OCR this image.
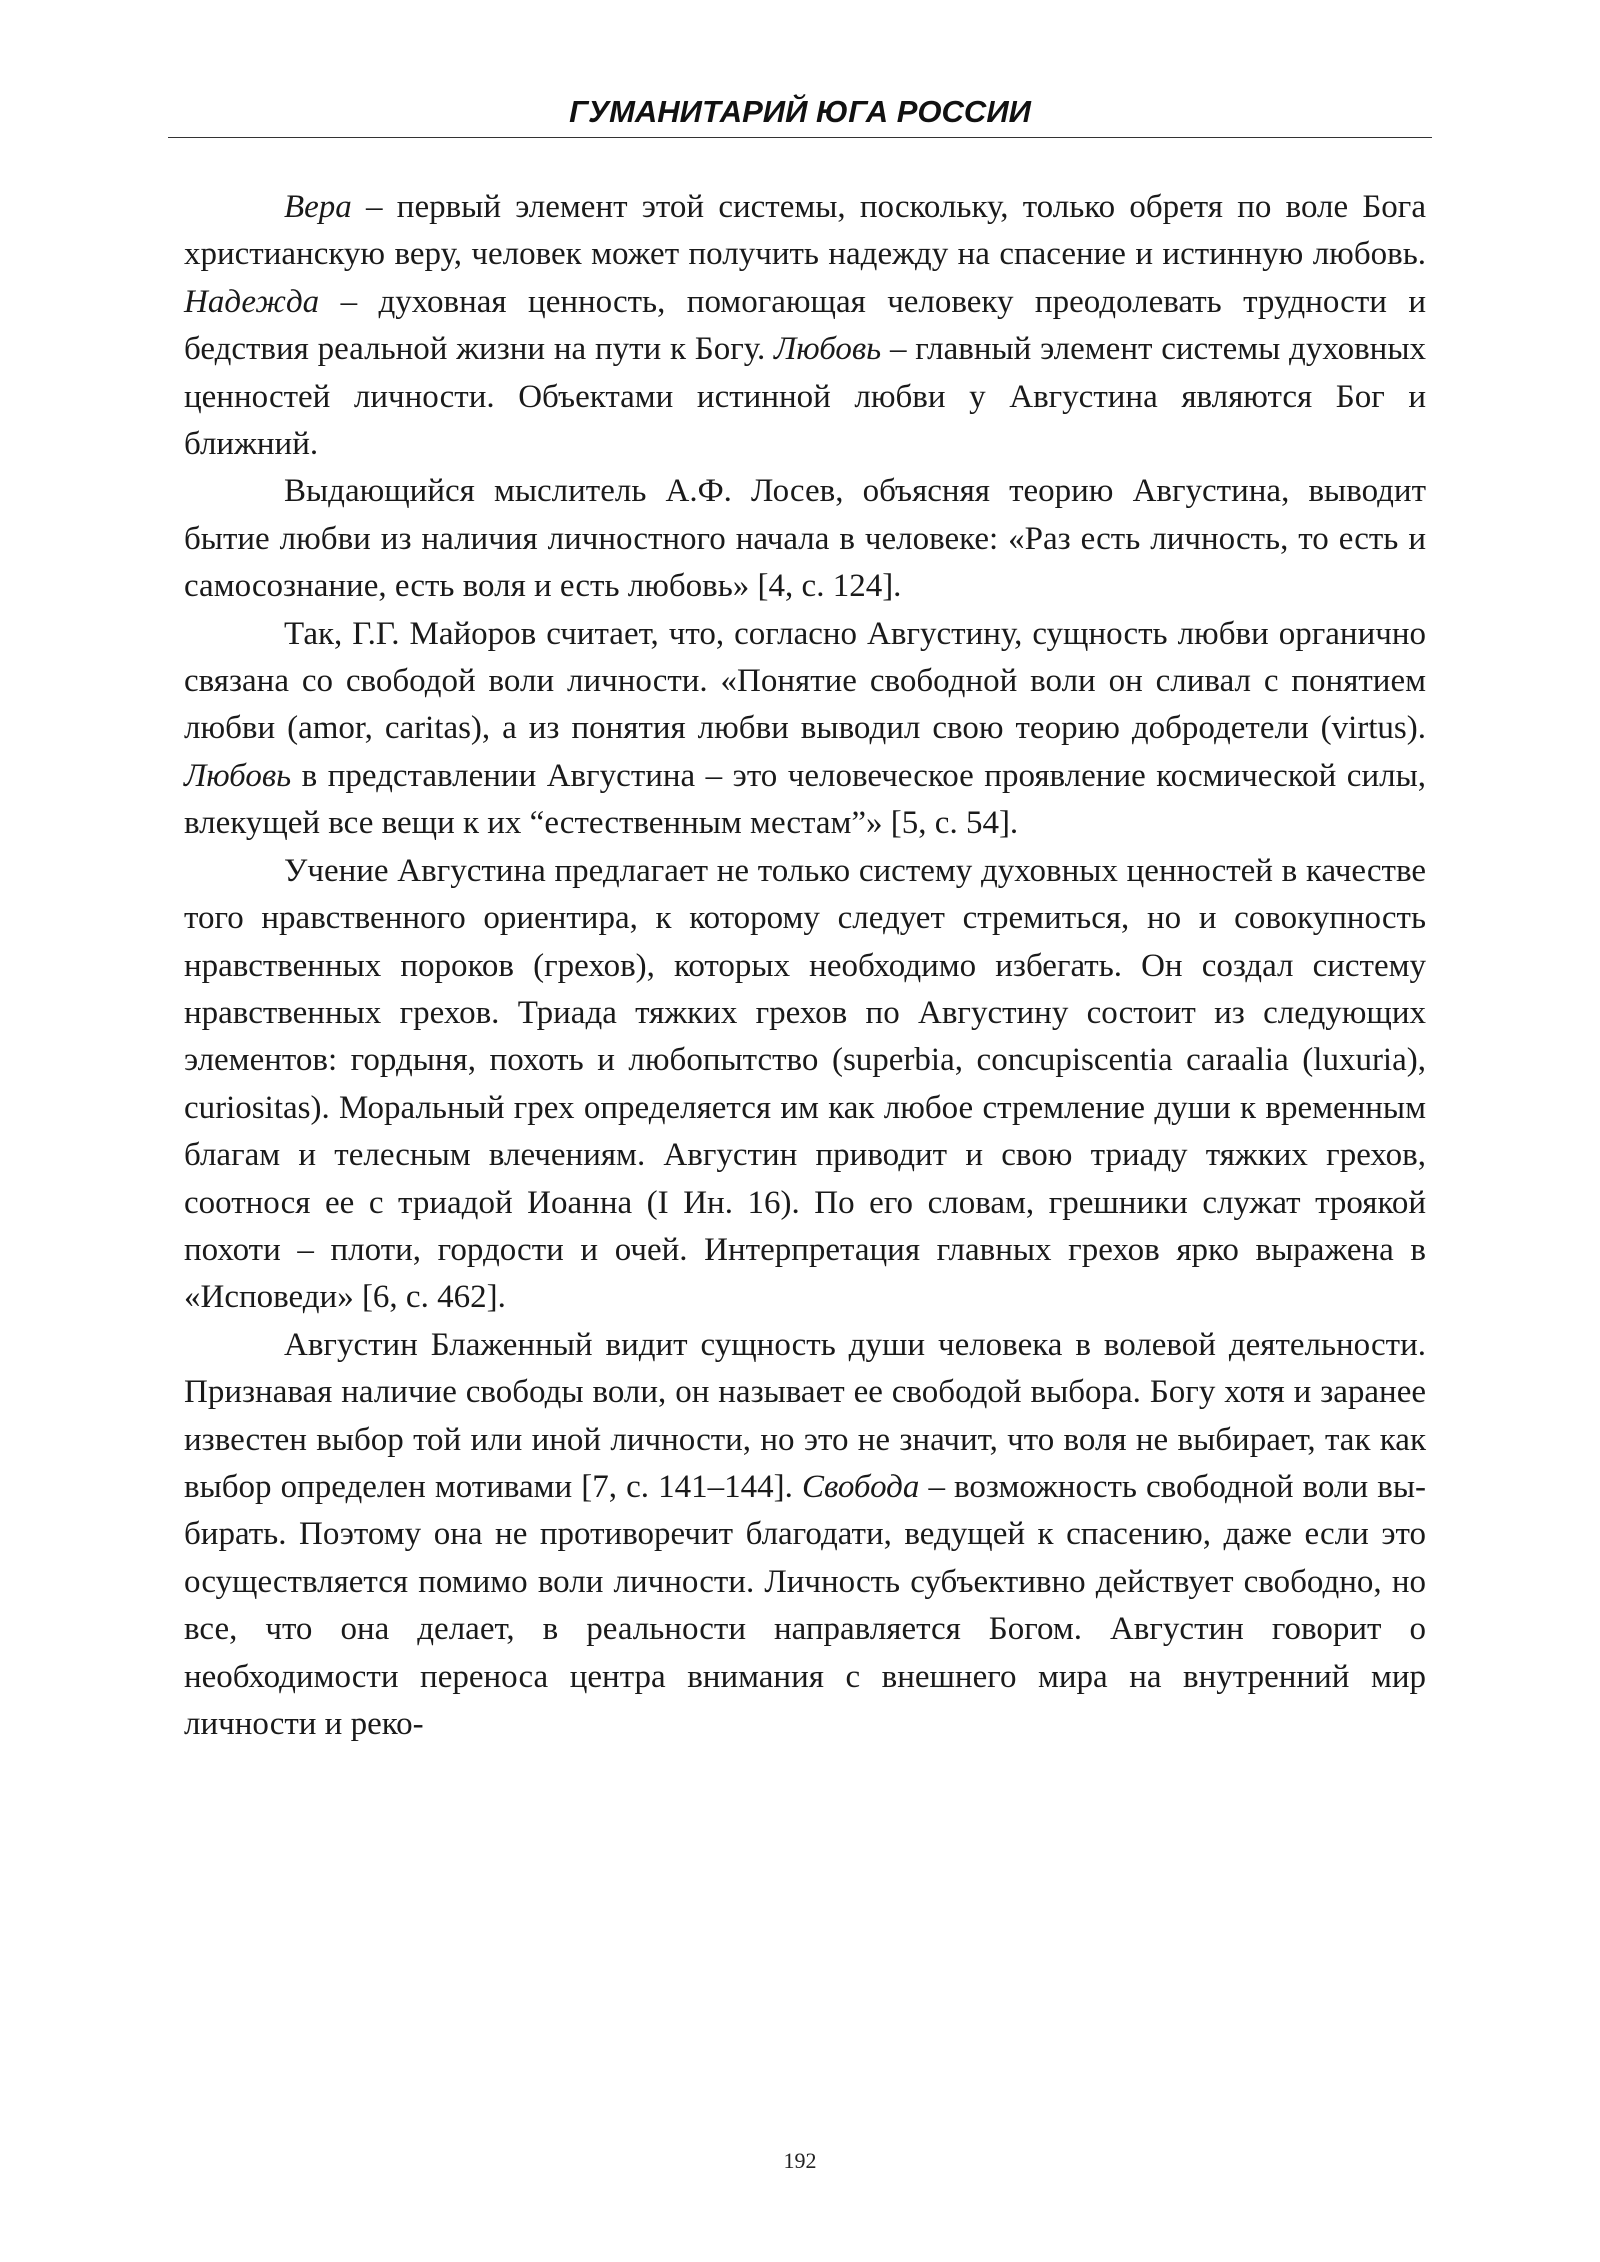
ГУМАНИТАРИЙ ЮГА РОССИИ

Вера – первый элемент этой системы, поскольку, только обретя по воле Бога христианскую веру, человек может получить надежду на спасение и истинную любовь. Надежда – духовная ценность, помогающая человеку преодолевать трудности и бедствия реальной жизни на пути к Богу. Любовь – главный элемент системы духовных ценностей личности. Объектами истинной любви у Августина являются Бог и ближний.

Выдающийся мыслитель А.Ф. Лосев, объясняя теорию Августина, выводит бытие любви из наличия личностного начала в человеке: «Раз есть личность, то есть и самосознание, есть воля и есть любовь» [4, с. 124].

Так, Г.Г. Майоров считает, что, согласно Августину, сущность любви органично связана со свободой воли личности. «Понятие свободной воли он сливал с понятием любви (amor, caritas), а из понятия любви выводил свою теорию добродетели (virtus). Любовь в представлении Августина – это человеческое проявление космической силы, влекущей все вещи к их “естественным местам”» [5, с. 54].

Учение Августина предлагает не только систему духовных ценностей в качестве того нравственного ориентира, к которому следует стремиться, но и совокупность нравственных пороков (грехов), которых необходимо избегать. Он создал систему нравственных грехов. Триада тяжких грехов по Августину состоит из следующих элементов: гордыня, похоть и любопытство (superbia, concupiscentia caraalia (luxuria), curiositas). Моральный грех определяется им как любое стремление души к временным благам и телесным влечениям. Августин приводит и свою триаду тяжких грехов, соотнося ее с триадой Иоанна (I Ин. 16). По его словам, грешники служат троякой похоти – плоти, гордости и очей. Интерпретация главных грехов ярко выражена в «Исповеди» [6, с. 462].

Августин Блаженный видит сущность души человека в волевой деятельности. Признавая наличие свободы воли, он называет ее свободой выбора. Богу хотя и заранее известен выбор той или иной личности, но это не значит, что воля не выбирает, так как выбор определен мотивами [7, с. 141–144]. Свобода – возможность свободной воли выбирать. Поэтому она не противоречит благодати, ведущей к спасению, даже если это осуществляется помимо воли личности. Личность субъективно действует свободно, но все, что она делает, в реальности направляется Богом. Августин говорит о необходимости переноса центра внимания с внешнего мира на внутренний мир личности и реко-

192
